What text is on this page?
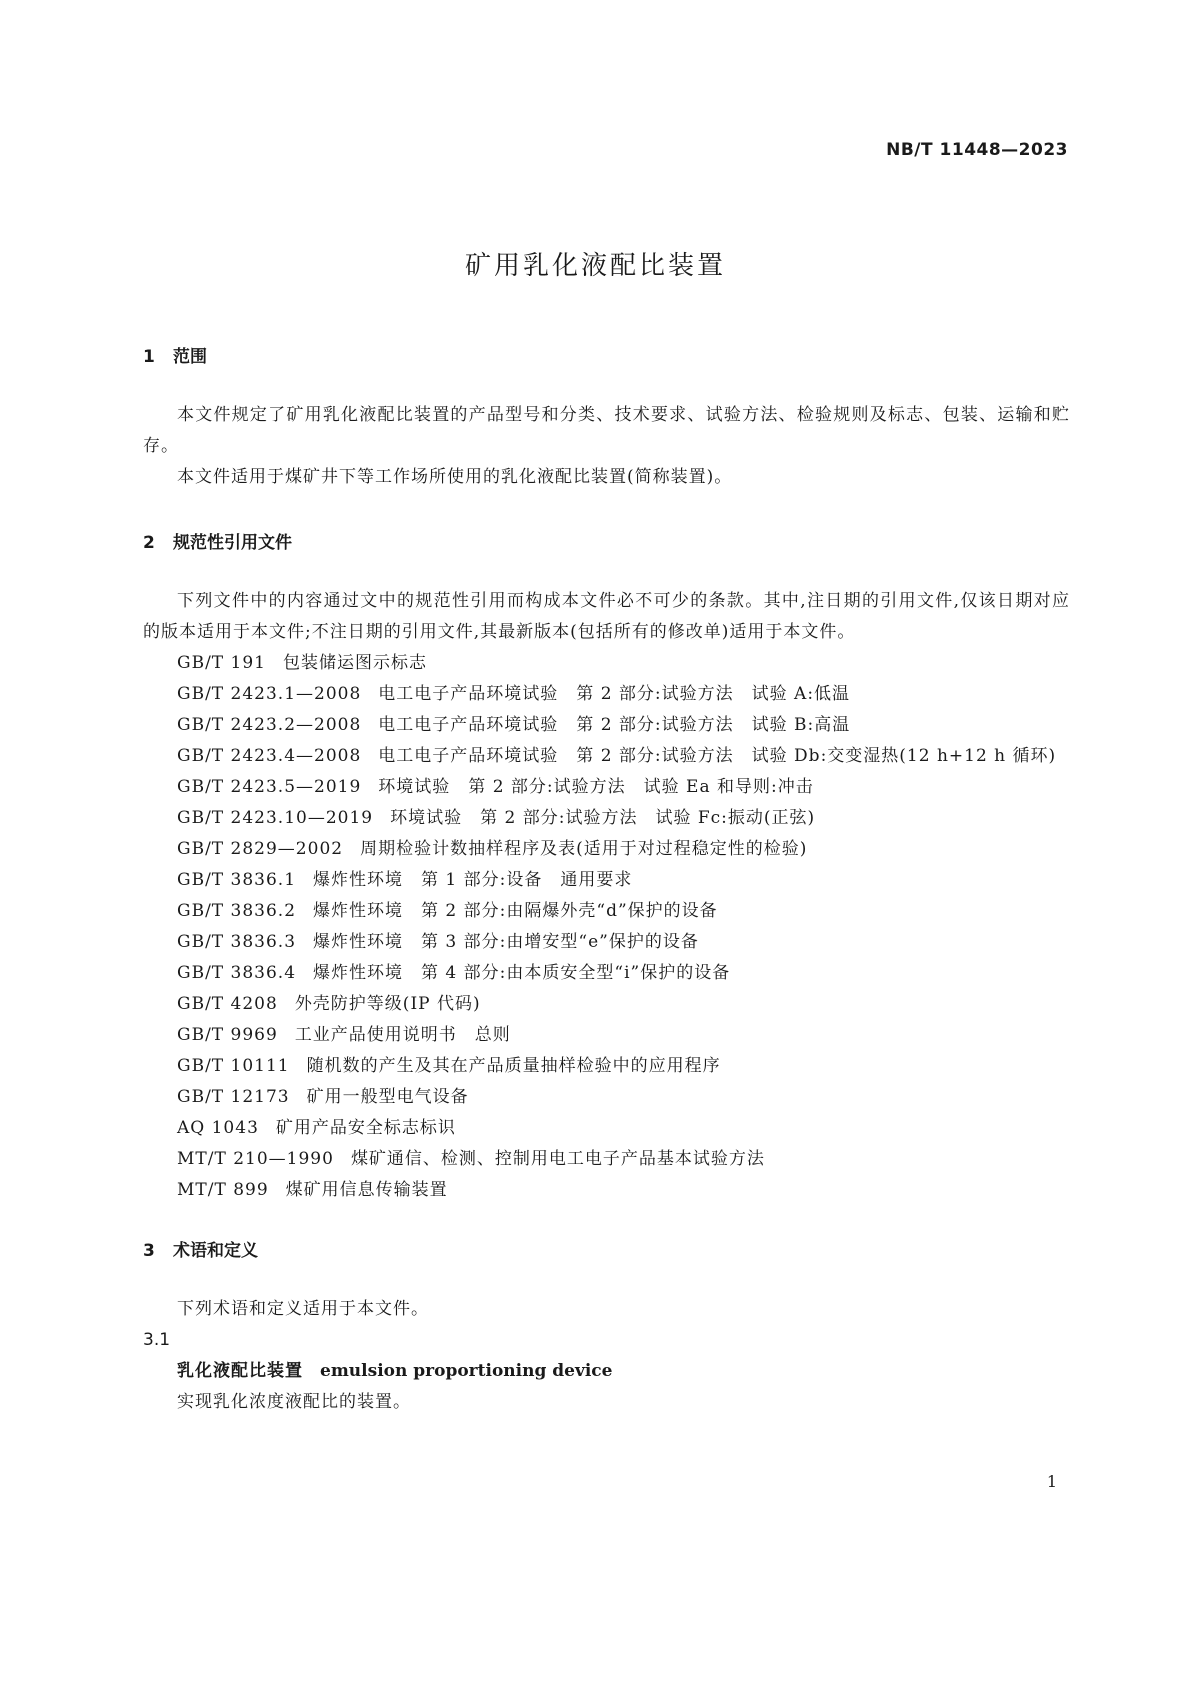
NB/T 11448—2023
矿用乳化液配比装置
1 范围

本文件规定了矿用乳化液配比装置的产品型号和分类、技术要求、试验方法、检验规则及标志、包装、运输和贮存。

本文件适用于煤矿井下等工作场所使用的乳化液配比装置(简称装置)。

2 规范性引用文件

下列文件中的内容通过文中的规范性引用而构成本文件必不可少的条款。其中,注日期的引用文件,仅该日期对应的版本适用于本文件;不注日期的引用文件,其最新版本(包括所有的修改单)适用于本文件。

GB/T 191 包装储运图示标志
GB/T 2423.1—2008 电工电子产品环境试验　第 2 部分:试验方法　试验 A:低温
GB/T 2423.2—2008 电工电子产品环境试验　第 2 部分:试验方法　试验 B:高温
GB/T 2423.4—2008 电工电子产品环境试验　第 2 部分:试验方法　试验 Db:交变湿热(12 h+12 h 循环)
GB/T 2423.5—2019 环境试验　第 2 部分:试验方法　试验 Ea 和导则:冲击
GB/T 2423.10—2019 环境试验　第 2 部分:试验方法　试验 Fc:振动(正弦)
GB/T 2829—2002 周期检验计数抽样程序及表(适用于对过程稳定性的检验)
GB/T 3836.1 爆炸性环境　第 1 部分:设备　通用要求
GB/T 3836.2 爆炸性环境　第 2 部分:由隔爆外壳“d”保护的设备
GB/T 3836.3 爆炸性环境　第 3 部分:由增安型“e”保护的设备
GB/T 3836.4 爆炸性环境　第 4 部分:由本质安全型“i”保护的设备
GB/T 4208 外壳防护等级(IP 代码)
GB/T 9969 工业产品使用说明书　总则
GB/T 10111 随机数的产生及其在产品质量抽样检验中的应用程序
GB/T 12173 矿用一般型电气设备
AQ 1043 矿用产品安全标志标识
MT/T 210—1990 煤矿通信、检测、控制用电工电子产品基本试验方法
MT/T 899 煤矿用信息传输装置
3 术语和定义

下列术语和定义适用于本文件。

3.1

乳化液配比装置 emulsion proportioning device

实现乳化浓度液配比的装置。

1
